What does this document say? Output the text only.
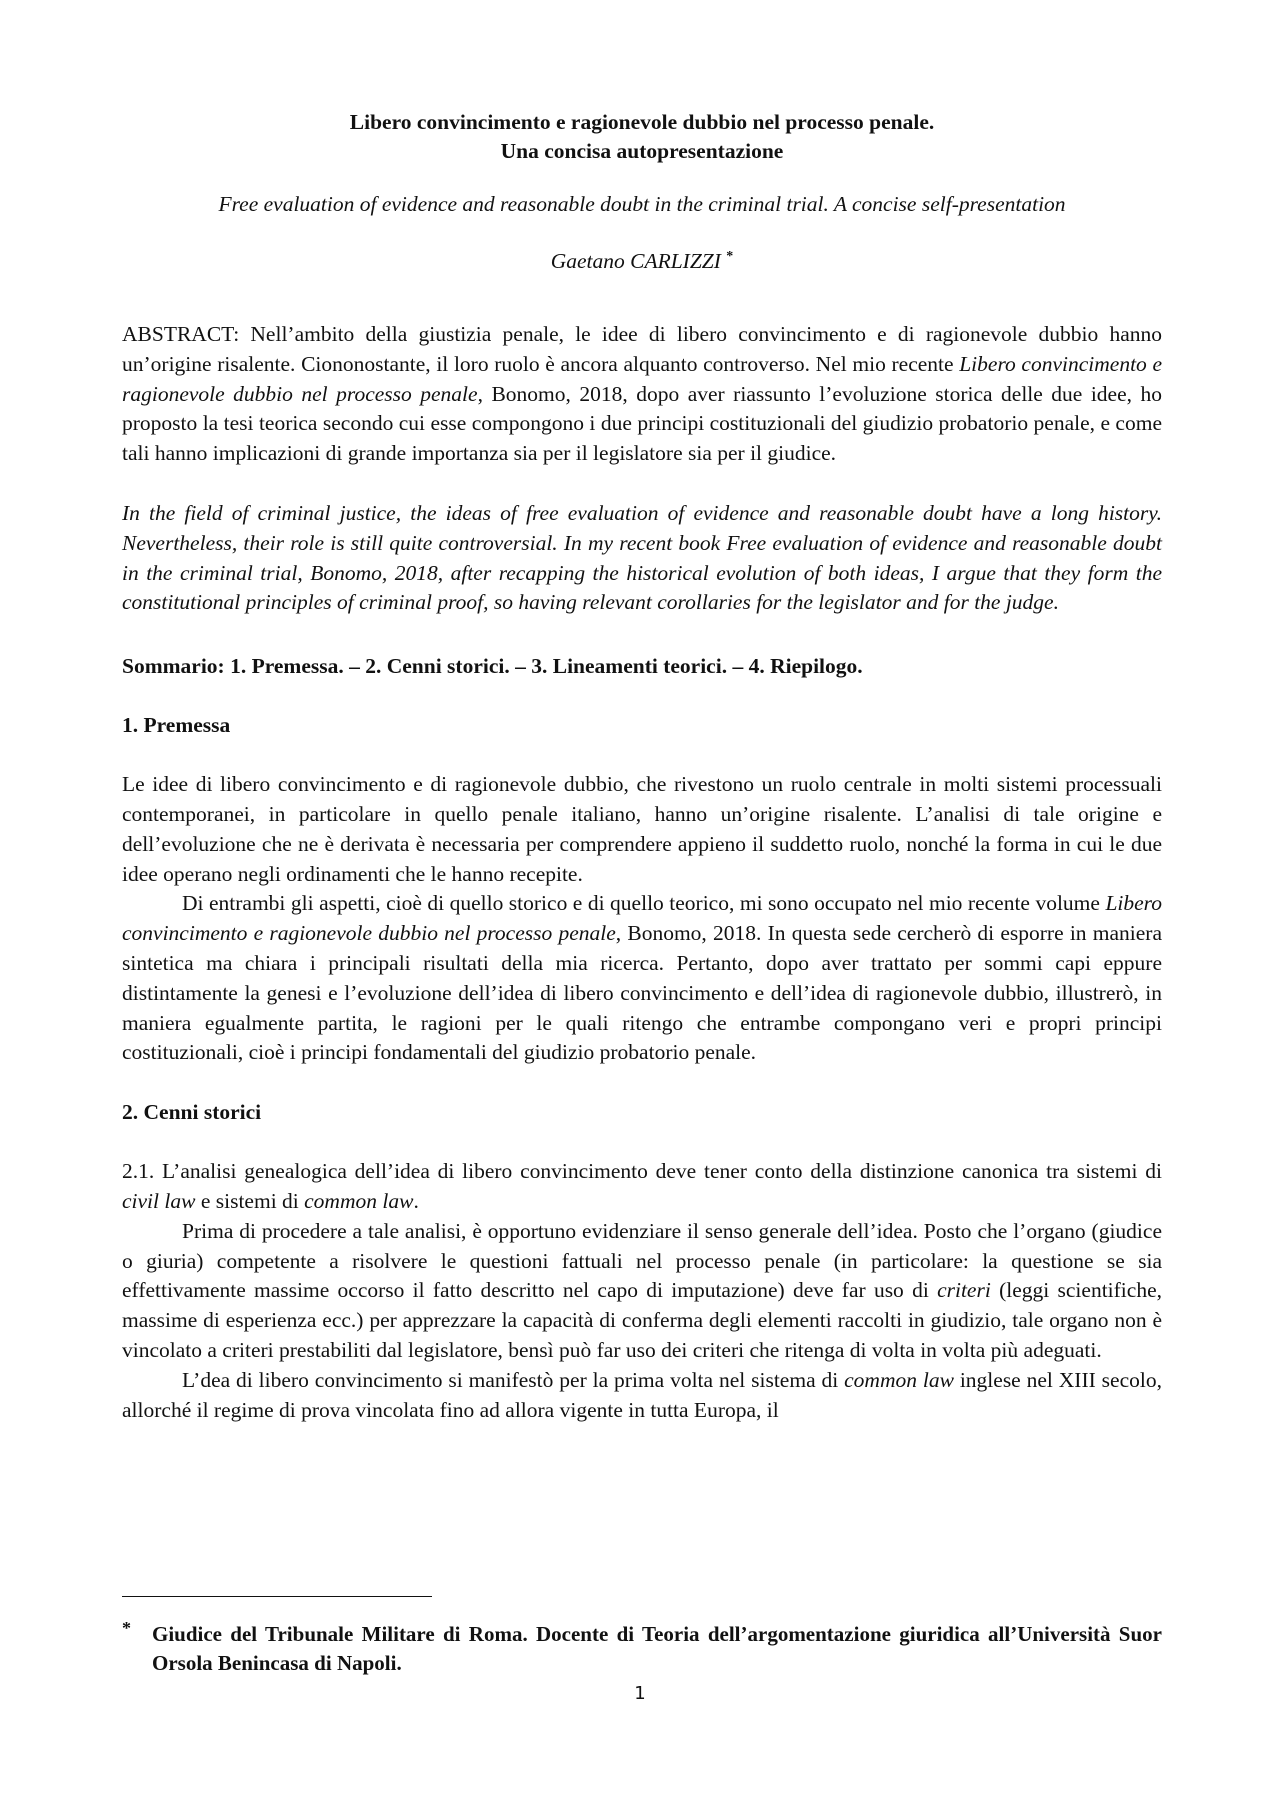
Libero convincimento e ragionevole dubbio nel processo penale.

Una concisa autopresentazione

Free evaluation of evidence and reasonable doubt in the criminal trial. A concise self-presentation

Gaetano CARLIZZI *

ABSTRACT: Nell’ambito della giustizia penale, le idee di libero convincimento e di ragionevole dubbio hanno un’origine risalente. Ciononostante, il loro ruolo è ancora alquanto controverso. Nel mio recente Libero convincimento e ragionevole dubbio nel processo penale, Bonomo, 2018, dopo aver riassunto l’evoluzione storica delle due idee, ho proposto la tesi teorica secondo cui esse compongono i due principi costituzionali del giudizio probatorio penale, e come tali hanno implicazioni di grande importanza sia per il legislatore sia per il giudice.

In the field of criminal justice, the ideas of free evaluation of evidence and reasonable doubt have a long history. Nevertheless, their role is still quite controversial. In my recent book Free evaluation of evidence and reasonable doubt in the criminal trial, Bonomo, 2018, after recapping the historical evolution of both ideas, I argue that they form the constitutional principles of criminal proof, so having relevant corollaries for the legislator and for the judge.

Sommario: 1. Premessa. – 2. Cenni storici. – 3. Lineamenti teorici. – 4. Riepilogo.

1. Premessa

Le idee di libero convincimento e di ragionevole dubbio, che rivestono un ruolo centrale in molti sistemi processuali contemporanei, in particolare in quello penale italiano, hanno un’origine risalente. L’analisi di tale origine e dell’evoluzione che ne è derivata è necessaria per comprendere appieno il suddetto ruolo, nonché la forma in cui le due idee operano negli ordinamenti che le hanno recepite.

Di entrambi gli aspetti, cioè di quello storico e di quello teorico, mi sono occupato nel mio recente volume Libero convincimento e ragionevole dubbio nel processo penale, Bonomo, 2018. In questa sede cercherò di esporre in maniera sintetica ma chiara i principali risultati della mia ricerca. Pertanto, dopo aver trattato per sommi capi eppure distintamente la genesi e l’evoluzione dell’idea di libero convincimento e dell’idea di ragionevole dubbio, illustrerò, in maniera egualmente partita, le ragioni per le quali ritengo che entrambe compongano veri e propri principi costituzionali, cioè i principi fondamentali del giudizio probatorio penale.

2. Cenni storici

2.1. L’analisi genealogica dell’idea di libero convincimento deve tener conto della distinzione canonica tra sistemi di civil law e sistemi di common law.

Prima di procedere a tale analisi, è opportuno evidenziare il senso generale dell’idea. Posto che l’organo (giudice o giuria) competente a risolvere le questioni fattuali nel processo penale (in particolare: la questione se sia effettivamente massime occorso il fatto descritto nel capo di imputazione) deve far uso di criteri (leggi scientifiche, massime di esperienza ecc.) per apprezzare la capacità di conferma degli elementi raccolti in giudizio, tale organo non è vincolato a criteri prestabiliti dal legislatore, bensì può far uso dei criteri che ritenga di volta in volta più adeguati.

L’dea di libero convincimento si manifestò per la prima volta nel sistema di common law inglese nel XIII secolo, allorché il regime di prova vincolata fino ad allora vigente in tutta Europa, il

* Giudice del Tribunale Militare di Roma. Docente di Teoria dell’argomentazione giuridica all’Università Suor Orsola Benincasa di Napoli.
1
